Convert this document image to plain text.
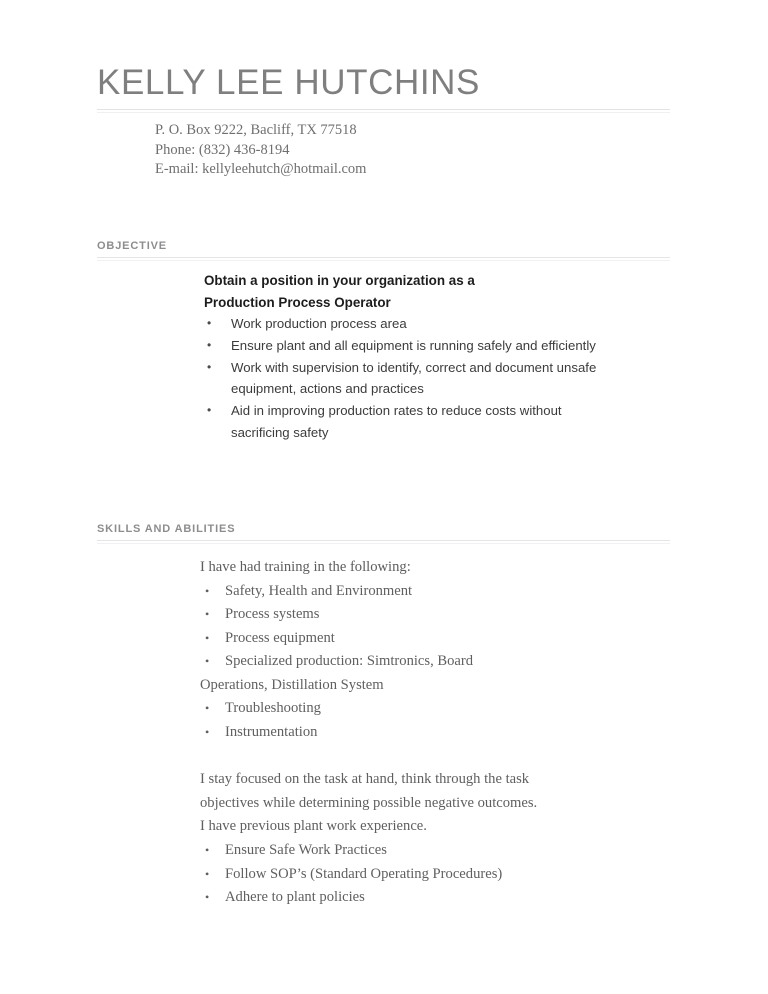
KELLY LEE HUTCHINS
P. O. Box 9222, Bacliff, TX 77518
Phone: (832) 436-8194
E-mail: kellyleehutch@hotmail.com
OBJECTIVE
Obtain a position in your organization as a
Production Process Operator
• Work production process area
• Ensure plant and all equipment is running safely and efficiently
• Work with supervision to identify, correct and document unsafe equipment, actions and practices
• Aid in improving production rates to reduce costs without sacrificing safety
SKILLS AND ABILITIES
I have had training in the following:
• Safety, Health and Environment
• Process systems
• Process equipment
• Specialized production: Simtronics, Board
Operations, Distillation System
• Troubleshooting
• Instrumentation
I stay focused on the task at hand, think through the task
objectives while determining possible negative outcomes.
I have previous plant work experience.
• Ensure Safe Work Practices
• Follow SOP’s (Standard Operating Procedures)
• Adhere to plant policies
